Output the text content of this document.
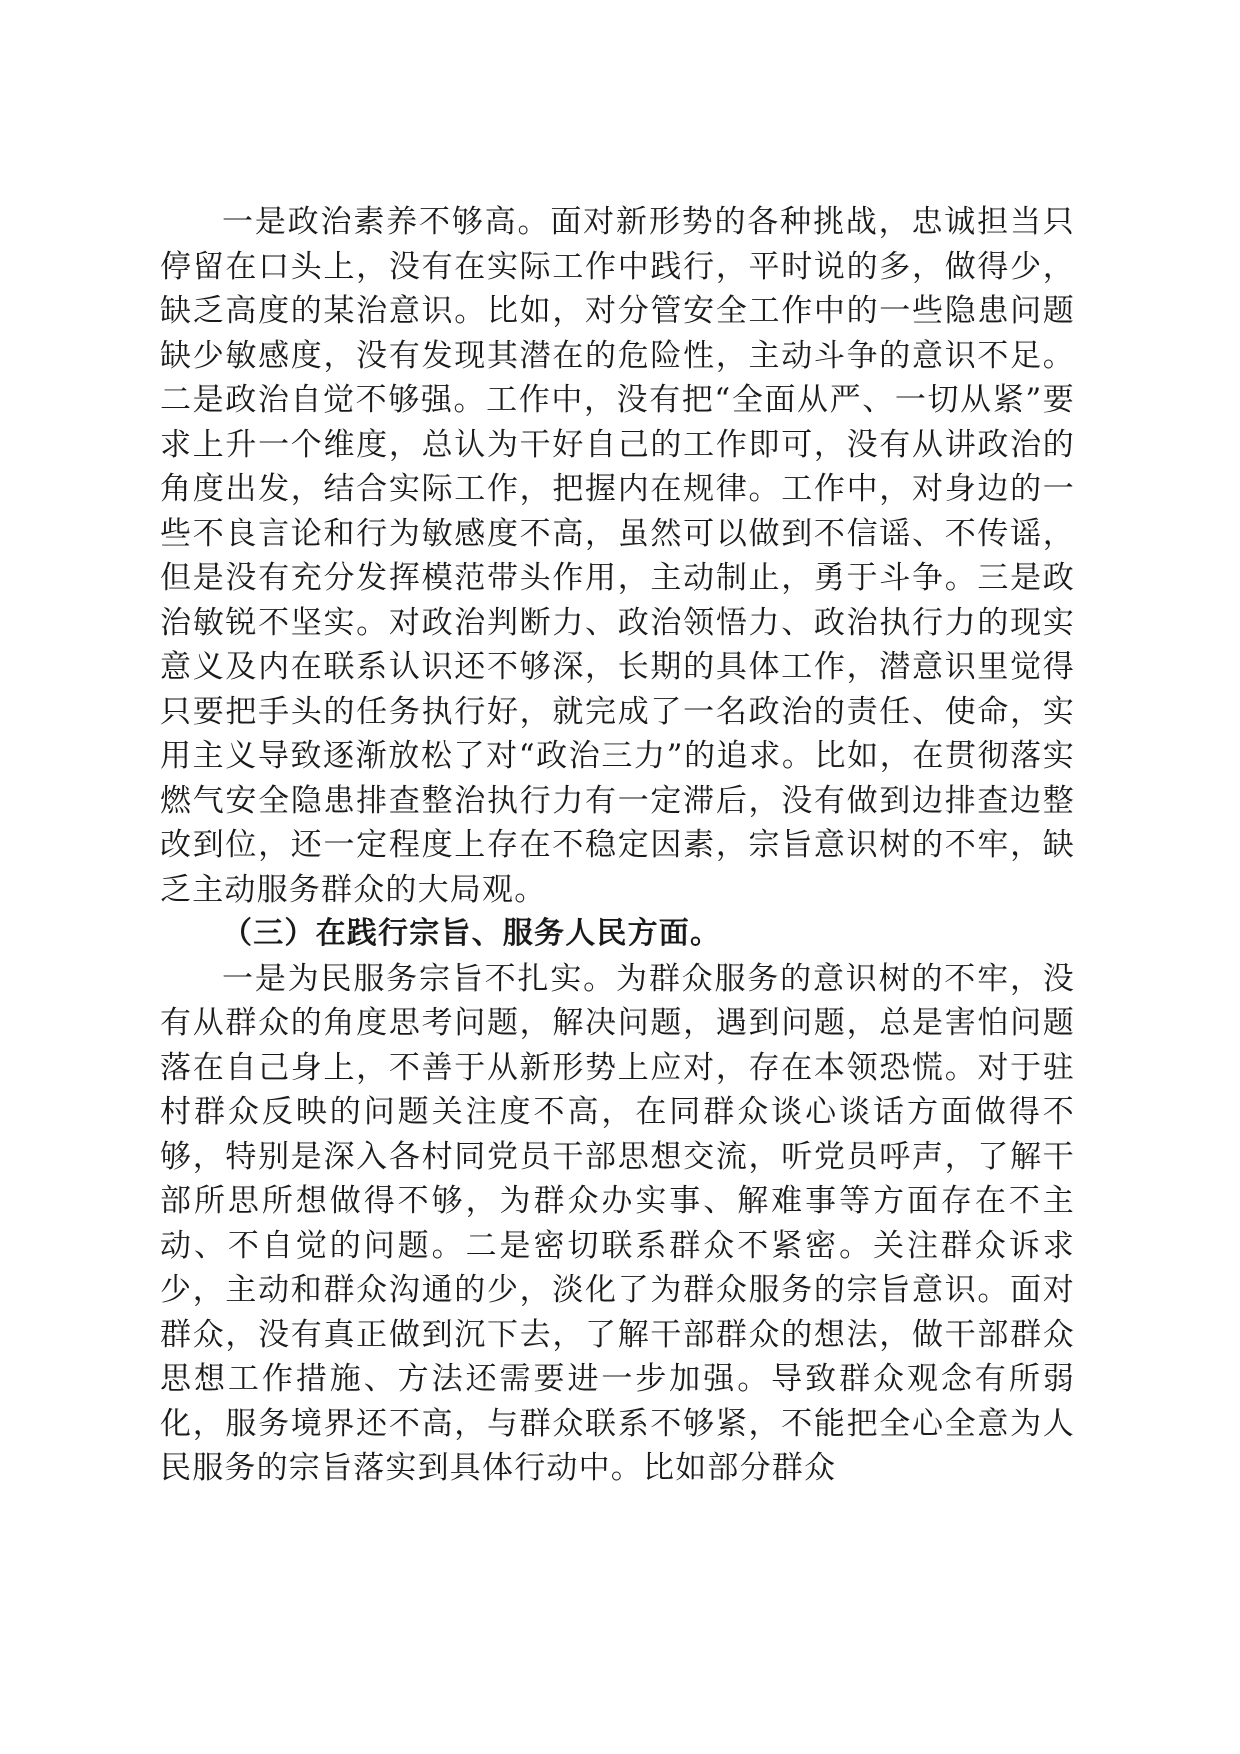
一是政治素养不够高。面对新形势的各种挑战，忠诚担当只停留在口头上，没有在实际工作中践行，平时说的多，做得少，缺乏高度的某治意识。比如，对分管安全工作中的一些隐患问题缺少敏感度，没有发现其潜在的危险性，主动斗争的意识不足。二是政治自觉不够强。工作中，没有把“全面从严、一切从紧”要求上升一个维度，总认为干好自己的工作即可，没有从讲政治的角度出发，结合实际工作，把握内在规律。工作中，对身边的一些不良言论和行为敏感度不高，虽然可以做到不信谣、不传谣，但是没有充分发挥模范带头作用，主动制止，勇于斗争。三是政治敏锐不坚实。对政治判断力、政治领悟力、政治执行力的现实意义及内在联系认识还不够深，长期的具体工作，潜意识里觉得只要把手头的任务执行好，就完成了一名政治的责任、使命，实用主义导致逐渐放松了对“政治三力”的追求。比如，在贯彻落实燃气安全隐患排查整治执行力有一定滞后，没有做到边排查边整改到位，还一定程度上存在不稳定因素，宗旨意识树的不牢，缺乏主动服务群众的大局观。

（三）在践行宗旨、服务人民方面。

一是为民服务宗旨不扎实。为群众服务的意识树的不牢，没有从群众的角度思考问题，解决问题，遇到问题，总是害怕问题落在自己身上，不善于从新形势上应对，存在本领恐慌。对于驻村群众反映的问题关注度不高，在同群众谈心谈话方面做得不够，特别是深入各村同党员干部思想交流，听党员呼声，了解干部所思所想做得不够，为群众办实事、解难事等方面存在不主动、不自觉的问题。二是密切联系群众不紧密。关注群众诉求少，主动和群众沟通的少，淡化了为群众服务的宗旨意识。面对群众，没有真正做到沉下去，了解干部群众的想法，做干部群众思想工作措施、方法还需要进一步加强。导致群众观念有所弱化，服务境界还不高，与群众联系不够紧，不能把全心全意为人民服务的宗旨落实到具体行动中。比如部分群众
